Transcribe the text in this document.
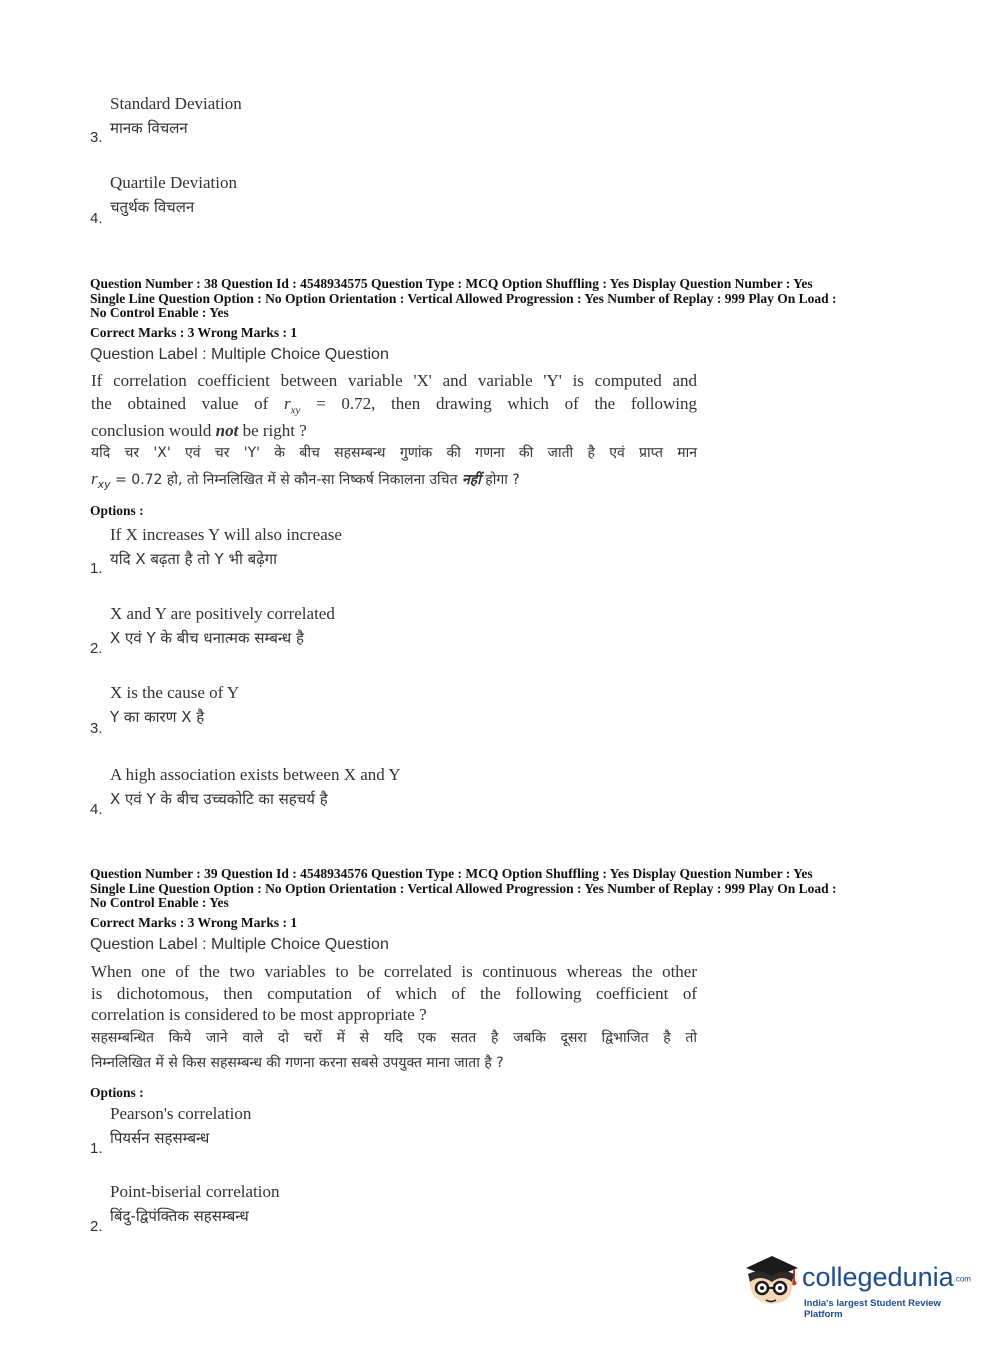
Standard Deviation
मानक विचलन
3.
Quartile Deviation
चतुर्थक विचलन
4.
Question Number : 38 Question Id : 4548934575 Question Type : MCQ Option Shuffling : Yes Display Question Number : Yes
Single Line Question Option : No Option Orientation : Vertical Allowed Progression : Yes Number of Replay : 999 Play On Load :
No Control Enable : Yes
Correct Marks : 3 Wrong Marks : 1
Question Label : Multiple Choice Question
If correlation coefficient between variable 'X' and variable 'Y' is computed and
the obtained value of $r_{xy} = 0.72$, then drawing which of the following
conclusion would not be right ?
यदि चर 'X' एवं चर 'Y' के बीच सहसम्बन्ध गुणांक की गणना की जाती है एवं प्राप्त मान
$r_{xy} = 0.72$ हो, तो निम्नलिखित में से कौन-सा निष्कर्ष निकालना उचित नहीं होगा ?
Options :
If X increases Y will also increase
यदि X बढ़ता है तो Y भी बढ़ेगा
1.
X and Y are positively correlated
X एवं Y के बीच धनात्मक सम्बन्ध है
2.
X is the cause of Y
Y का कारण X है
3.
A high association exists between X and Y
X एवं Y के बीच उच्चकोटि का सहचर्य है
4.
Question Number : 39 Question Id : 4548934576 Question Type : MCQ Option Shuffling : Yes Display Question Number : Yes
Single Line Question Option : No Option Orientation : Vertical Allowed Progression : Yes Number of Replay : 999 Play On Load :
No Control Enable : Yes
Correct Marks : 3 Wrong Marks : 1
Question Label : Multiple Choice Question
When one of the two variables to be correlated is continuous whereas the other
is dichotomous, then computation of which of the following coefficient of
correlation is considered to be most appropriate ?
सहसम्बन्धित किये जाने वाले दो चरों में से यदि एक सतत है जबकि दूसरा द्विभाजित है तो
निम्नलिखित में से किस सहसम्बन्ध की गणना करना सबसे उपयुक्त माना जाता है ?
Options :
Pearson's correlation
पियर्सन सहसम्बन्ध
1.
Point-biserial correlation
बिंदु-द्विपंक्तिक सहसम्बन्ध
2.
collegedunia.com
India's largest Student Review Platform
